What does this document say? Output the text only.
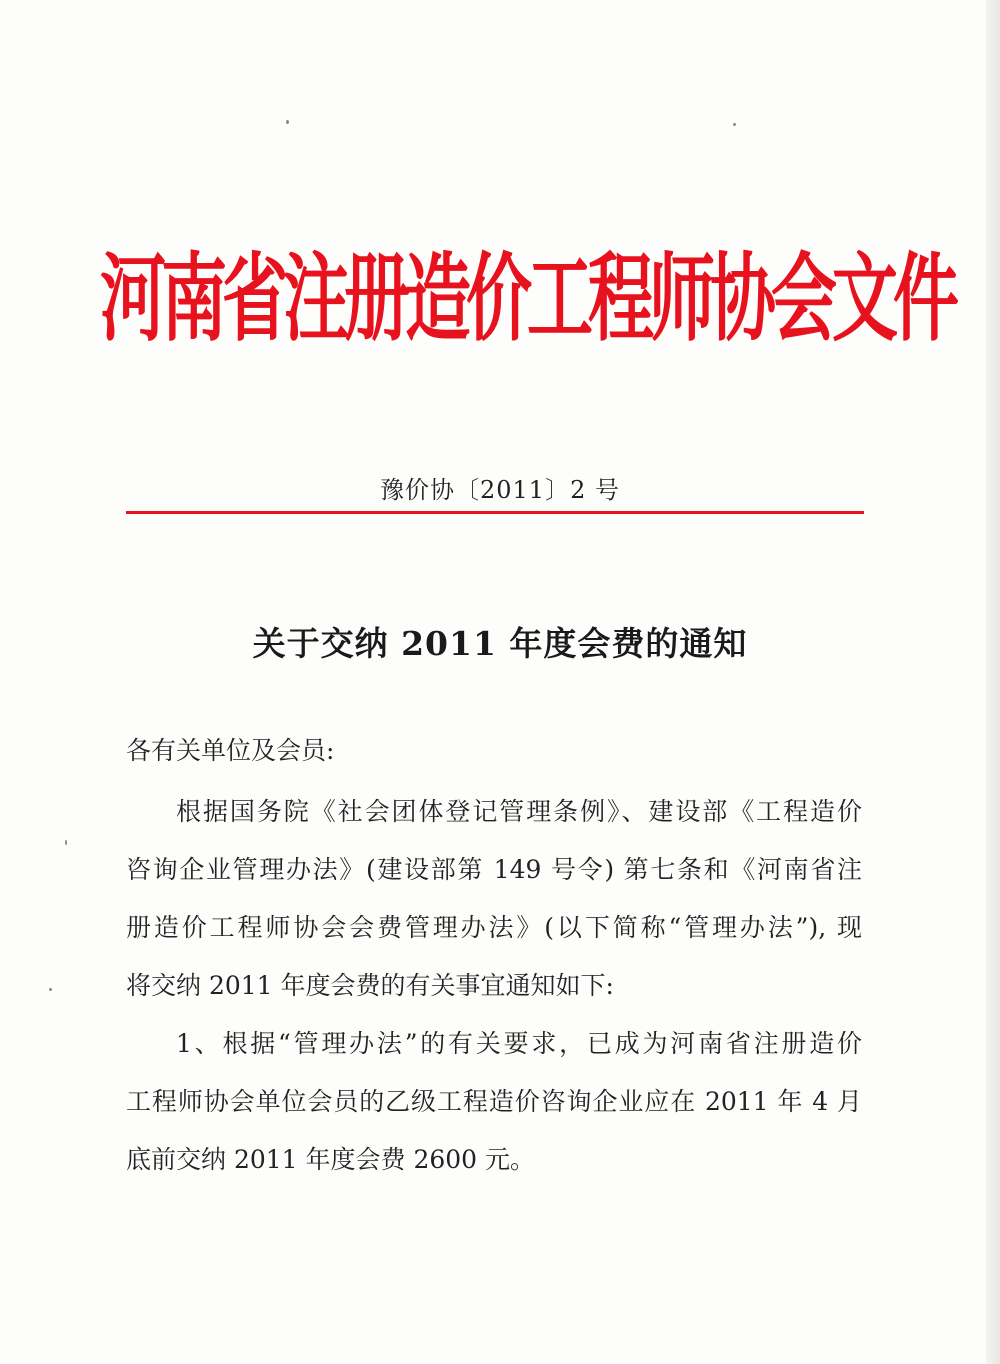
河南省注册造价工程师协会文件
豫价协〔2011〕2 号
关于交纳 2011 年度会费的通知
各有关单位及会员:
根据国务院《社会团体登记管理条例》、建设部《工程造价
咨询企业管理办法》(建设部第 149 号令) 第七条和《河南省注
册造价工程师协会会费管理办法》(以下简称“管理办法”), 现
将交纳 2011 年度会费的有关事宜通知如下:
1、根据“管理办法”的有关要求，已成为河南省注册造价
工程师协会单位会员的乙级工程造价咨询企业应在 2011 年 4 月
底前交纳 2011 年度会费 2600 元。
